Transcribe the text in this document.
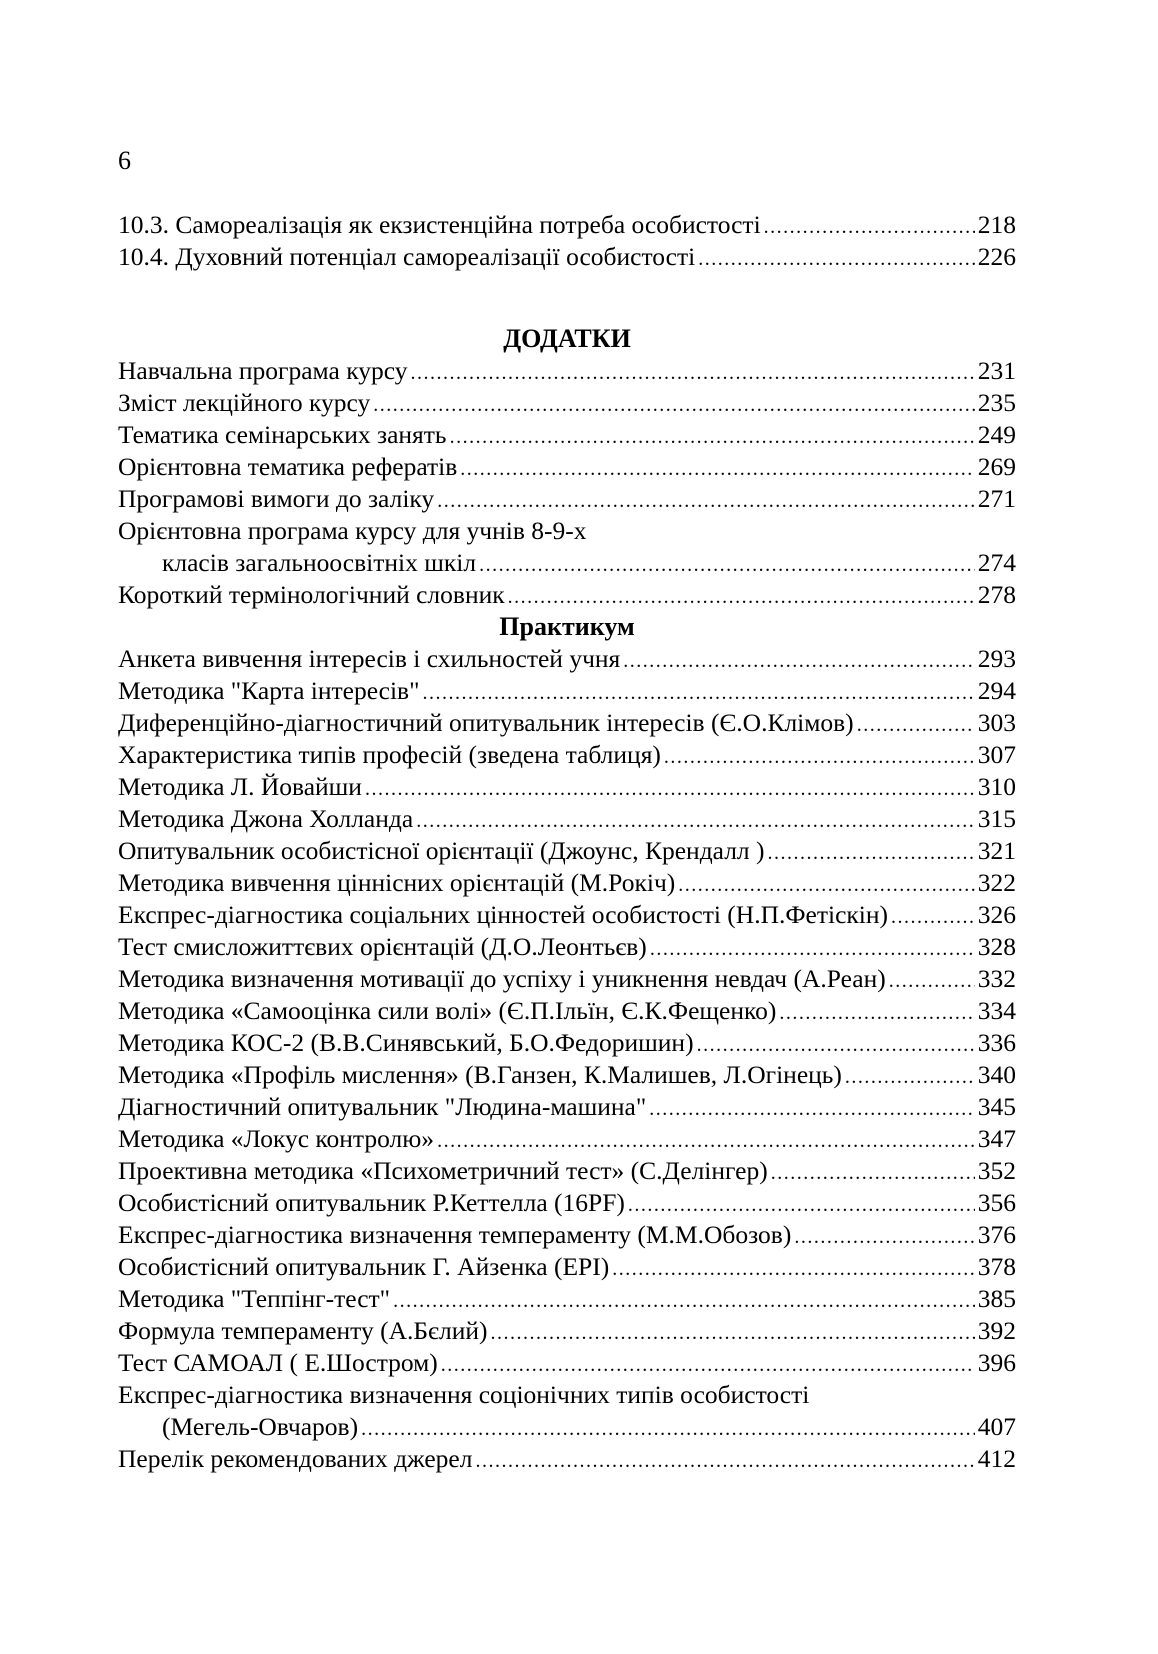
6
10.3. Самореалізація як екзистенційна потреба особистості .....	218
10.4. Духовний потенціал самореалізації особистості .....	226
ДОДАТКИ
Навчальна програма курсу .....	231
Зміст лекційного курсу .....	235
Тематика семінарських занять .....	249
Орієнтовна тематика рефератів .....	269
Програмові вимоги до заліку .....	271
Орієнтовна програма курсу для учнів 8-9-х
класів загальноосвітніх шкіл .....	274
Короткий термінологічний словник .....	278
Практикум
Анкета вивчення інтересів і схильностей учня .....	293
Методика "Карта інтересів" .....	294
Диференційно-діагностичний опитувальник інтересів (Є.О.Клімов) .....	303
Характеристика типів професій (зведена таблиця) .....	307
Методика Л. Йовайши .....	310
Методика Джона Холланда .....	315
Опитувальник особистісної орієнтації (Джоунс, Крендалл ) .....	321
Методика вивчення ціннісних орієнтацій (М.Рокіч) .....	322
Експрес-діагностика соціальних цінностей особистості (Н.П.Фетіскін) .....	326
Тест смисложиттєвих орієнтацій (Д.О.Леонтьєв) .....	328
Методика визначення мотивації до успіху і уникнення невдач (А.Реан) .....	332
Методика «Самооцінка сили волі» (Є.П.Ільїн, Є.К.Фещенко) .....	334
Методика КОС-2 (В.В.Синявський, Б.О.Федоришин) .....	336
Методика «Профіль мислення» (В.Ганзен, К.Малишев, Л.Огінець) .....	340
Діагностичний опитувальник "Людина-машина" .....	345
Методика «Локус контролю» .....	347
Проективна методика «Психометричний тест» (С.Делінгер) .....	352
Особистісний опитувальник Р.Кеттелла (16PF) .....	356
Експрес-діагностика визначення темпераменту (М.М.Обозов) .....	376
Особистісний опитувальник Г. Айзенка (EPI) .....	378
Методика "Теппінг-тест" .....	385
Формула темпераменту (А.Бєлий) .....	392
Тест САМОАЛ ( Е.Шостром) .....	396
Експрес-діагностика визначення соціонічних типів особистості
(Мегель-Овчаров) .....	407
Перелік рекомендованих джерел .....	412
